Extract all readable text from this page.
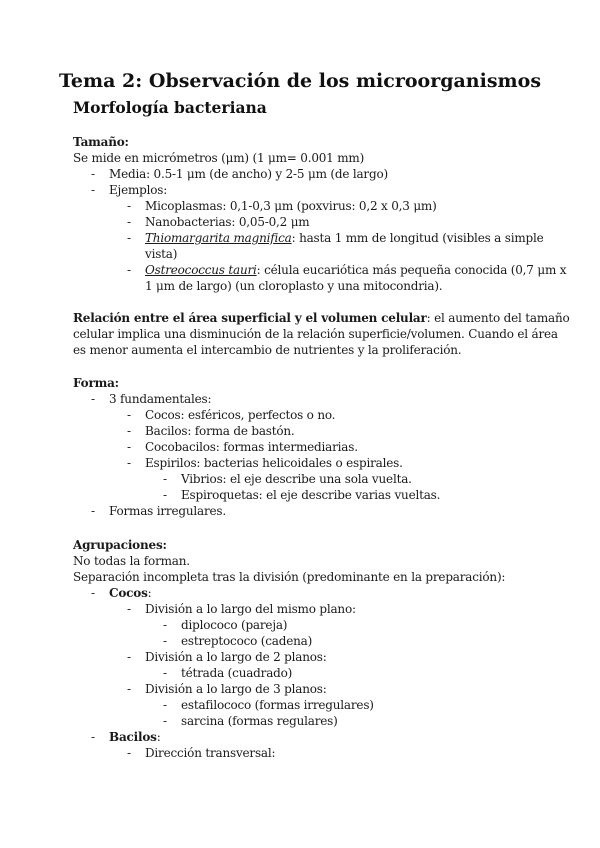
Tema 2: Observación de los microorganismos
Morfología bacteriana
Tamaño:
Se mide en micrómetros (μm) (1 μm= 0.001 mm)
- Media: 0.5-1 μm (de ancho) y 2-5 μm (de largo)
- Ejemplos:
- Micoplasmas: 0,1-0,3 μm (poxvirus: 0,2 x 0,3 μm)
- Nanobacterias: 0,05-0,2 μm
- Thiomargarita magnifica: hasta 1 mm de longitud (visibles a simple
vista)
- Ostreococcus tauri: célula eucariótica más pequeña conocida (0,7 μm x
1 μm de largo) (un cloroplasto y una mitocondria).
Relación entre el área superficial y el volumen celular: el aumento del tamaño
celular implica una disminución de la relación superficie/volumen. Cuando el área
es menor aumenta el intercambio de nutrientes y la proliferación.
Forma:
- 3 fundamentales:
- Cocos: esféricos, perfectos o no.
- Bacilos: forma de bastón.
- Cocobacilos: formas intermediarias.
- Espirilos: bacterias helicoidales o espirales.
- Vibrios: el eje describe una sola vuelta.
- Espiroquetas: el eje describe varias vueltas.
- Formas irregulares.
Agrupaciones:
No todas la forman.
Separación incompleta tras la división (predominante en la preparación):
- Cocos:
- División a lo largo del mismo plano:
- diplococo (pareja)
- estreptococo (cadena)
- División a lo largo de 2 planos:
- tétrada (cuadrado)
- División a lo largo de 3 planos:
- estafilococo (formas irregulares)
- sarcina (formas regulares)
- Bacilos:
- Dirección transversal:
